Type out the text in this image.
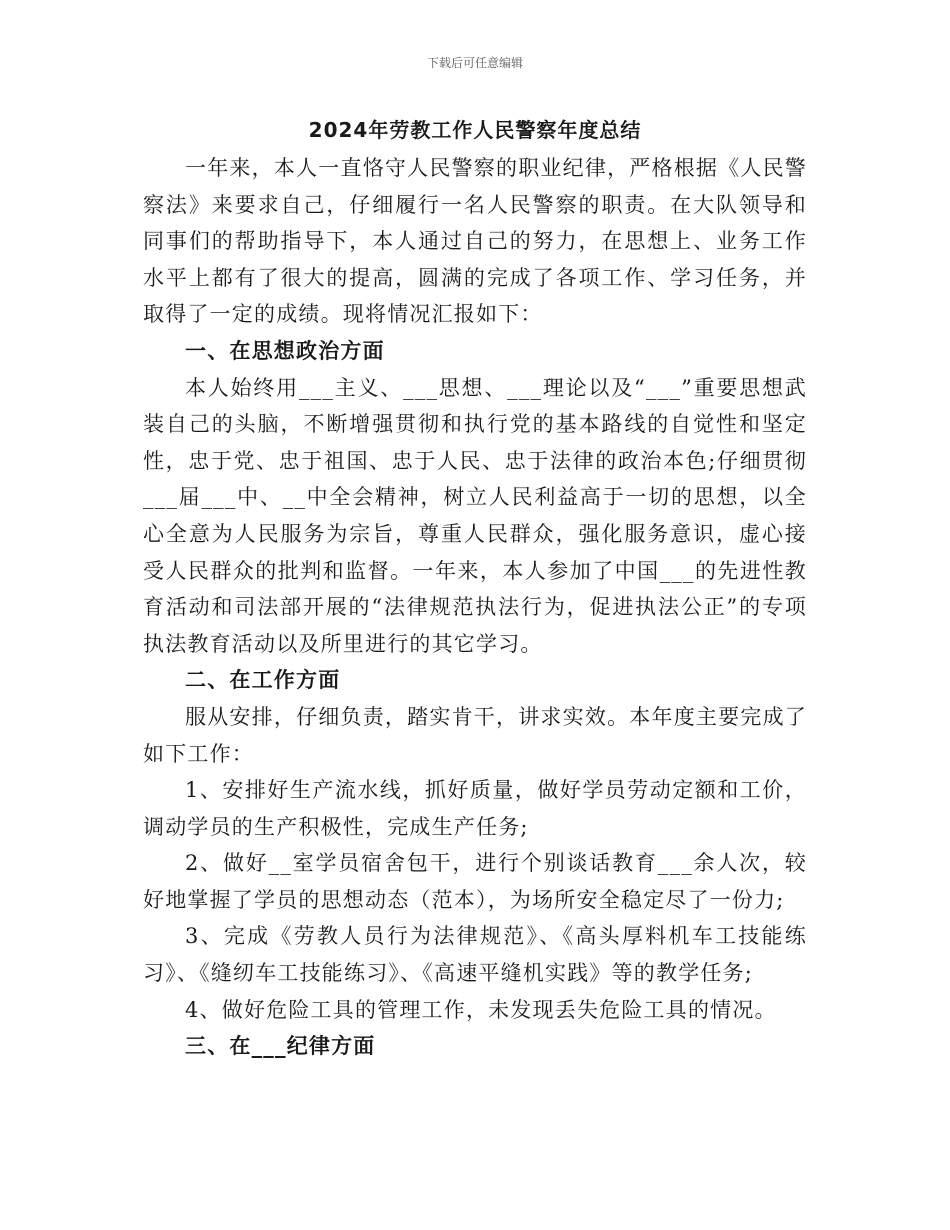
下载后可任意编辑
2024年劳教工作人民警察年度总结

一年来，本人一直恪守人民警察的职业纪律，严格根据《人民警察法》来要求自己，仔细履行一名人民警察的职责。在大队领导和同事们的帮助指导下，本人通过自己的努力，在思想上、业务工作水平上都有了很大的提高，圆满的完成了各项工作、学习任务，并取得了一定的成绩。现将情况汇报如下：

一、在思想政治方面

本人始终用___主义、___思想、___理论以及“___”重要思想武装自己的头脑，不断增强贯彻和执行党的基本路线的自觉性和坚定性，忠于党、忠于祖国、忠于人民、忠于法律的政治本色;仔细贯彻___届___中、__中全会精神，树立人民利益高于一切的思想，以全心全意为人民服务为宗旨，尊重人民群众，强化服务意识，虚心接受人民群众的批判和监督。一年来，本人参加了中国___的先进性教育活动和司法部开展的“法律规范执法行为，促进执法公正”的专项执法教育活动以及所里进行的其它学习。

二、在工作方面

服从安排，仔细负责，踏实肯干，讲求实效。本年度主要完成了如下工作：

1、安排好生产流水线，抓好质量，做好学员劳动定额和工价，调动学员的生产积极性，完成生产任务;

2、做好__室学员宿舍包干，进行个别谈话教育___余人次，较好地掌握了学员的思想动态（范本），为场所安全稳定尽了一份力;

3、完成《劳教人员行为法律规范》、《高头厚料机车工技能练习》、《缝纫车工技能练习》、《高速平缝机实践》等的教学任务;

4、做好危险工具的管理工作，未发现丢失危险工具的情况。

三、在___纪律方面
